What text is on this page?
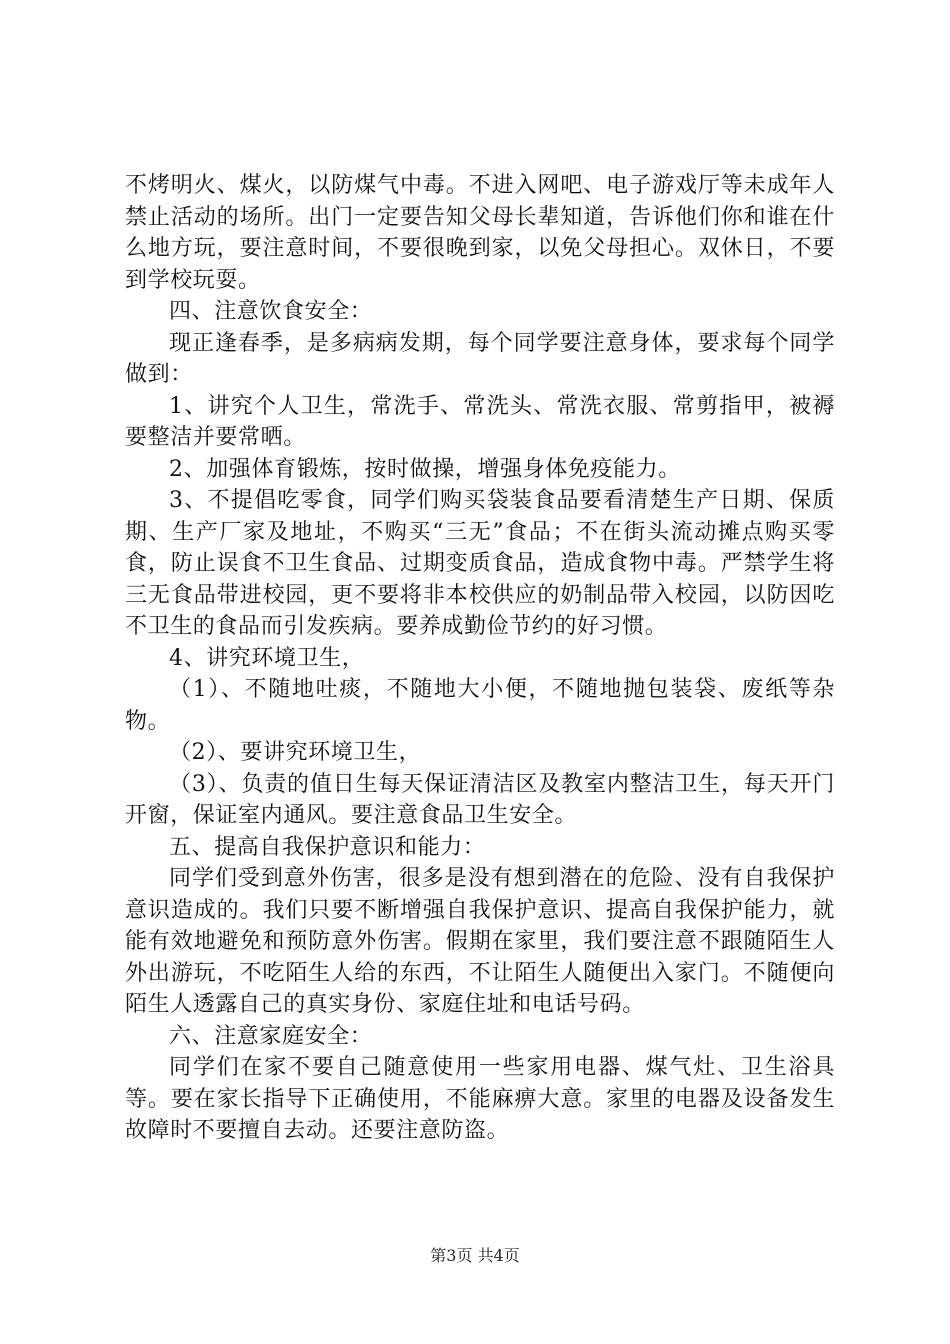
不烤明火、煤火，以防煤气中毒。不进入网吧、电子游戏厅等未成年人禁止活动的场所。出门一定要告知父母长辈知道，告诉他们你和谁在什么地方玩，要注意时间，不要很晚到家，以免父母担心。双休日，不要到学校玩耍。

四、注意饮食安全：

现正逢春季，是多病病发期，每个同学要注意身体，要求每个同学做到：

1、讲究个人卫生，常洗手、常洗头、常洗衣服、常剪指甲，被褥要整洁并要常晒。

2、加强体育锻炼，按时做操，增强身体免疫能力。

3、不提倡吃零食，同学们购买袋装食品要看清楚生产日期、保质期、生产厂家及地址，不购买“三无”食品；不在街头流动摊点购买零食，防止误食不卫生食品、过期变质食品，造成食物中毒。严禁学生将三无食品带进校园，更不要将非本校供应的奶制品带入校园，以防因吃不卫生的食品而引发疾病。要养成勤俭节约的好习惯。

4、讲究环境卫生，

（1）、不随地吐痰，不随地大小便，不随地抛包装袋、废纸等杂物。

（2）、要讲究环境卫生，

（3）、负责的值日生每天保证清洁区及教室内整洁卫生，每天开门开窗，保证室内通风。要注意食品卫生安全。

五、提高自我保护意识和能力：

同学们受到意外伤害，很多是没有想到潜在的危险、没有自我保护意识造成的。我们只要不断增强自我保护意识、提高自我保护能力，就能有效地避免和预防意外伤害。假期在家里，我们要注意不跟随陌生人外出游玩，不吃陌生人给的东西，不让陌生人随便出入家门。不随便向陌生人透露自己的真实身份、家庭住址和电话号码。

六、注意家庭安全：

同学们在家不要自己随意使用一些家用电器、煤气灶、卫生浴具等。要在家长指导下正确使用，不能麻痹大意。家里的电器及设备发生故障时不要擅自去动。还要注意防盗。

第3页 共4页
